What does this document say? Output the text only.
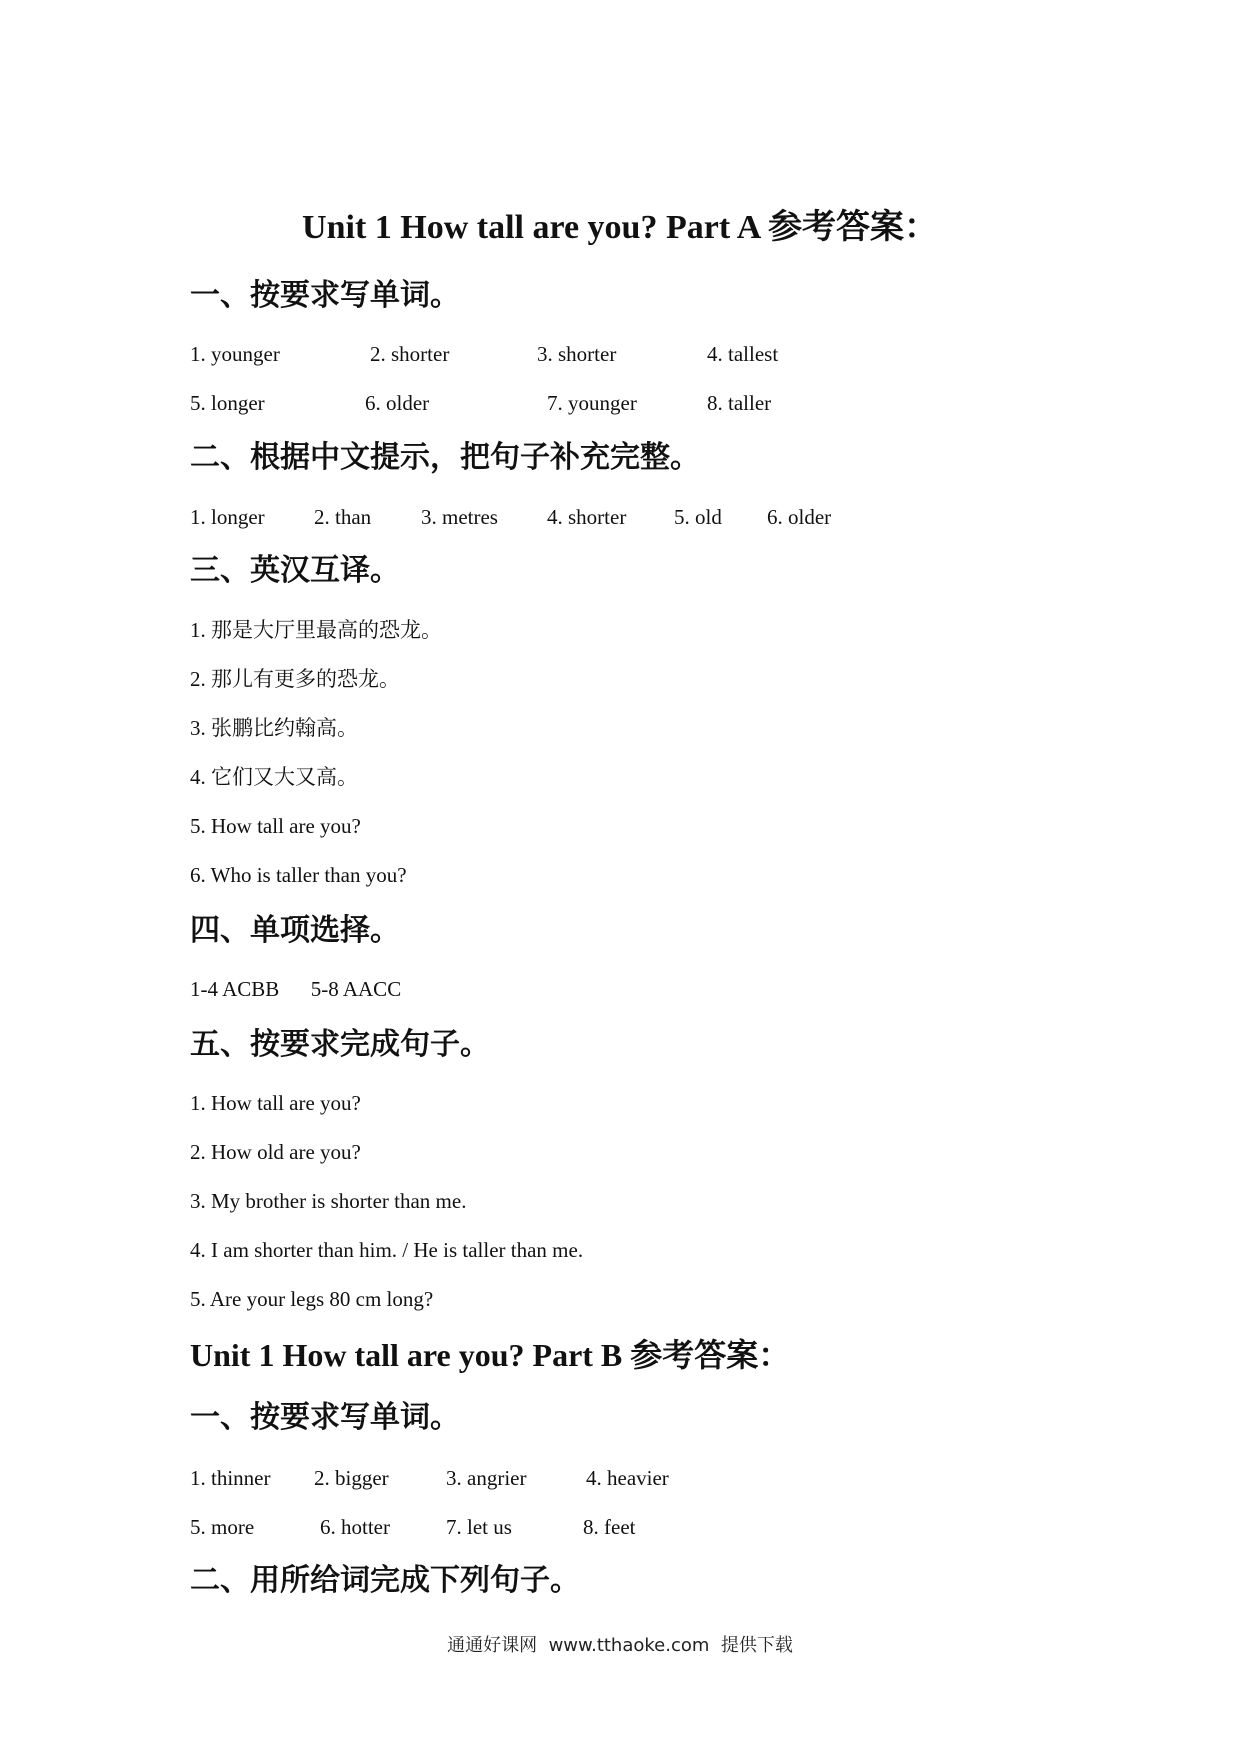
Unit 1 How tall are you? Part A 参考答案：
一、按要求写单词。
1. younger	2. shorter	3. shorter	4. tallest
5. longer	6. older	7. younger	8. taller
二、根据中文提示，把句子补充完整。
1. longer 2. than 3. metres 4. shorter 5. old 6. older
三、英汉互译。
1. 那是大厅里最高的恐龙。
2. 那儿有更多的恐龙。
3. 张鹏比约翰高。
4. 它们又大又高。
5. How tall are you?
6. Who is taller than you?
四、单项选择。
1-4 ACBB      5-8 AACC
五、按要求完成句子。
1. How tall are you?
2. How old are you?
3. My brother is shorter than me.
4. I am shorter than him. / He is taller than me.
5. Are your legs 80 cm long?
Unit 1 How tall are you? Part B 参考答案：
一、按要求写单词。
1. thinner 2. bigger	3. angrier	4. heavier
5. more	6. hotter	7. let us	8. feet
二、用所给词完成下列句子。
通通好课网  www.tthaoke.com  提供下载
